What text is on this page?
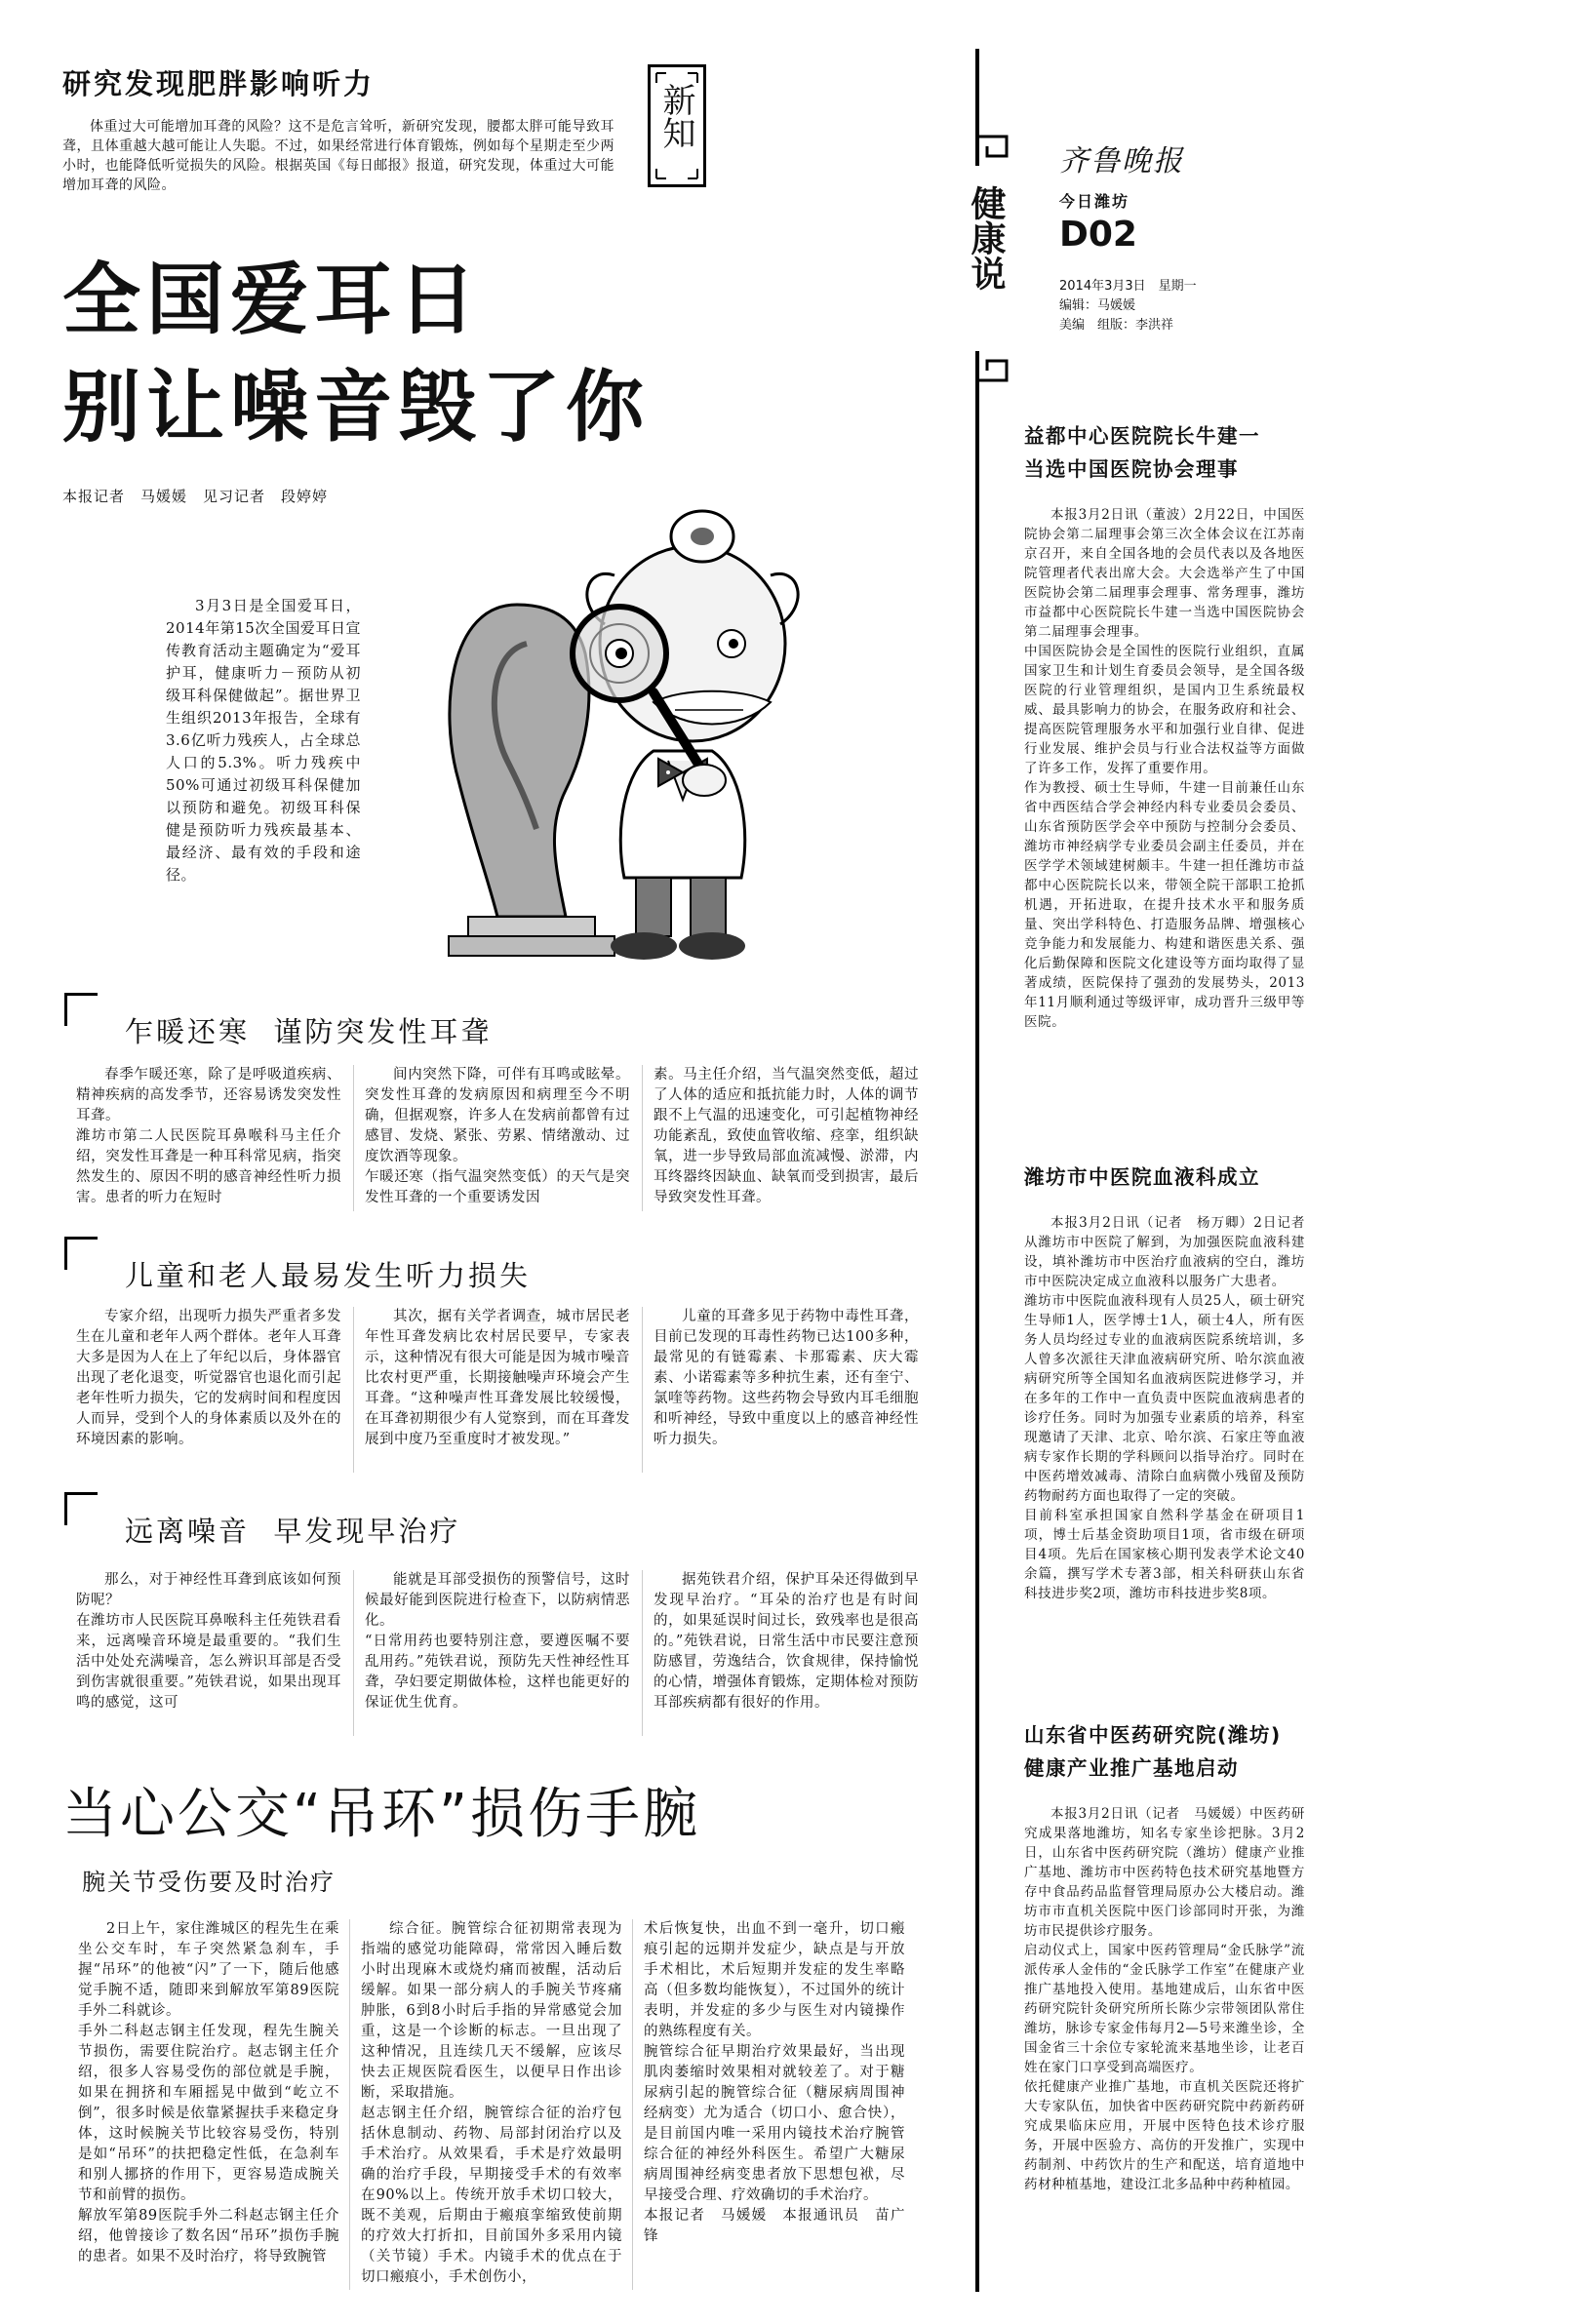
研究发现肥胖影响听力
体重过大可能增加耳聋的风险？这不是危言耸听，新研究发现，腰都太胖可能导致耳聋，且体重越大越可能让人失聪。不过，如果经常进行体育锻炼，例如每个星期走至少两小时，也能降低听觉损失的风险。根据英国《每日邮报》报道，研究发现，体重过大可能增加耳聋的风险。
新知
全国爱耳日
别让噪音毁了你
本报记者　马媛媛　见习记者　段婷婷
3月3日是全国爱耳日，2014年第15次全国爱耳日宣传教育活动主题确定为“爱耳护耳，健康听力－预防从初级耳科保健做起”。据世界卫生组织2013年报告，全球有3.6亿听力残疾人，占全球总人口的5.3%。听力残疾中50%可通过初级耳科保健加以预防和避免。初级耳科保健是预防听力残疾最基本、最经济、最有效的手段和途径。
乍暖还寒  谨防突发性耳聋
春季乍暖还寒，除了是呼吸道疾病、精神疾病的高发季节，还容易诱发突发性耳聋。
潍坊市第二人民医院耳鼻喉科马主任介绍，突发性耳聋是一种耳科常见病，指突然发生的、原因不明的感音神经性听力损害。患者的听力在短时
间内突然下降，可伴有耳鸣或眩晕。突发性耳聋的发病原因和病理至今不明确，但据观察，许多人在发病前都曾有过感冒、发烧、紧张、劳累、情绪激动、过度饮酒等现象。
乍暖还寒（指气温突然变低）的天气是突发性耳聋的一个重要诱发因
素。马主任介绍，当气温突然变低，超过了人体的适应和抵抗能力时，人体的调节跟不上气温的迅速变化，可引起植物神经功能紊乱，致使血管收缩、痉挛，组织缺氧，进一步导致局部血流减慢、淤滞，内耳终器终因缺血、缺氧而受到损害，最后导致突发性耳聋。
儿童和老人最易发生听力损失
专家介绍，出现听力损失严重者多发生在儿童和老年人两个群体。老年人耳聋大多是因为人在上了年纪以后，身体器官出现了老化退变，听觉器官也退化而引起老年性听力损失，它的发病时间和程度因人而异，受到个人的身体素质以及外在的环境因素的影响。
其次，据有关学者调查，城市居民老年性耳聋发病比农村居民要早，专家表示，这种情况有很大可能是因为城市噪音比农村更严重，长期接触噪声环境会产生耳聋。“这种噪声性耳聋发展比较缓慢，在耳聋初期很少有人觉察到，而在耳聋发展到中度乃至重度时才被发现。”
儿童的耳聋多见于药物中毒性耳聋，目前已发现的耳毒性药物已达100多种，最常见的有链霉素、卡那霉素、庆大霉素、小诺霉素等多种抗生素，还有奎宁、氯喹等药物。这些药物会导致内耳毛细胞和听神经，导致中重度以上的感音神经性听力损失。
远离噪音  早发现早治疗
那么，对于神经性耳聋到底该如何预防呢？
在潍坊市人民医院耳鼻喉科主任苑铁君看来，远离噪音环境是最重要的。“我们生活中处处充满噪音，怎么辨识耳部是否受到伤害就很重要。”苑铁君说，如果出现耳鸣的感觉，这可
能就是耳部受损伤的预警信号，这时候最好能到医院进行检查下，以防病情恶化。
“日常用药也要特别注意，要遵医嘱不要乱用药。”苑铁君说，预防先天性神经性耳聋，孕妇要定期做体检，这样也能更好的保证优生优育。
据苑铁君介绍，保护耳朵还得做到早发现早治疗。“耳朵的治疗也是有时间的，如果延误时间过长，致残率也是很高的。”苑铁君说，日常生活中市民要注意预防感冒，劳逸结合，饮食规律，保持愉悦的心情，增强体育锻炼，定期体检对预防耳部疾病都有很好的作用。
当心公交“吊环”损伤手腕
腕关节受伤要及时治疗
2日上午，家住潍城区的程先生在乘坐公交车时，车子突然紧急刹车，手握“吊环”的他被“闪”了一下，随后他感觉手腕不适，随即来到解放军第89医院手外二科就诊。
手外二科赵志钢主任发现，程先生腕关节损伤，需要住院治疗。赵志钢主任介绍，很多人容易受伤的部位就是手腕，如果在拥挤和车厢摇晃中做到“屹立不倒”，很多时候是依靠紧握扶手来稳定身体，这时候腕关节比较容易受伤，特别是如“吊环”的扶把稳定性低，在急刹车和别人挪挤的作用下，更容易造成腕关节和前臂的损伤。
解放军第89医院手外二科赵志钢主任介绍，他曾接诊了数名因“吊环”损伤手腕的患者。如果不及时治疗，将导致腕管
综合征。腕管综合征初期常表现为指端的感觉功能障碍，常常因入睡后数小时出现麻木或烧灼痛而被醒，活动后缓解。如果一部分病人的手腕关节疼痛肿胀，6到8小时后手指的异常感觉会加重，这是一个诊断的标志。一旦出现了这种情况，且连续几天不缓解，应该尽快去正规医院看医生，以便早日作出诊断，采取措施。
赵志钢主任介绍，腕管综合征的治疗包括休息制动、药物、局部封闭治疗以及手术治疗。从效果看，手术是疗效最明确的治疗手段，早期接受手术的有效率在90%以上。传统开放手术切口较大，既不美观，后期由于瘢痕挛缩致使前期的疗效大打折扣，目前国外多采用内镜（关节镜）手术。内镜手术的优点在于切口瘢痕小，手术创伤小，
术后恢复快，出血不到一毫升，切口瘢痕引起的远期并发症少，缺点是与开放手术相比，术后短期并发症的发生率略高（但多数均能恢复），不过国外的统计表明，并发症的多少与医生对内镜操作的熟练程度有关。
腕管综合征早期治疗效果最好，当出现肌肉萎缩时效果相对就较差了。对于糖尿病引起的腕管综合征（糖尿病周围神经病变）尤为适合（切口小、愈合快），是目前国内唯一采用内镜技术治疗腕管综合征的神经外科医生。希望广大糖尿病周围神经病变患者放下思想包袱，尽早接受合理、疗效确切的手术治疗。
本报记者　马媛媛　本报通讯员　苗广锋
健康说
齐鲁晚报
今日潍坊
D02
2014年3月3日　星期一
编辑：马媛媛
美编　组版：李洪祥
益都中心医院院长牛建一
当选中国医院协会理事
本报3月2日讯（董波）2月22日，中国医院协会第二届理事会第三次全体会议在江苏南京召开，来自全国各地的会员代表以及各地医院管理者代表出席大会。大会选举产生了中国医院协会第二届理事会理事、常务理事，潍坊市益都中心医院院长牛建一当选中国医院协会第二届理事会理事。
中国医院协会是全国性的医院行业组织，直属国家卫生和计划生育委员会领导，是全国各级医院的行业管理组织，是国内卫生系统最权威、最具影响力的协会，在服务政府和社会、提高医院管理服务水平和加强行业自律、促进行业发展、维护会员与行业合法权益等方面做了许多工作，发挥了重要作用。
作为教授、硕士生导师，牛建一目前兼任山东省中西医结合学会神经内科专业委员会委员、山东省预防医学会卒中预防与控制分会委员、潍坊市神经病学专业委员会副主任委员，并在医学学术领域建树颇丰。牛建一担任潍坊市益都中心医院院长以来，带领全院干部职工抢抓机遇，开拓进取，在提升技术水平和服务质量、突出学科特色、打造服务品牌、增强核心竞争能力和发展能力、构建和谐医患关系、强化后勤保障和医院文化建设等方面均取得了显著成绩，医院保持了强劲的发展势头，2013年11月顺利通过等级评审，成功晋升三级甲等医院。
潍坊市中医院血液科成立
本报3月2日讯（记者　杨万卿）2日记者从潍坊市中医院了解到，为加强医院血液科建设，填补潍坊市中医治疗血液病的空白，潍坊市中医院决定成立血液科以服务广大患者。
潍坊市中医院血液科现有人员25人，硕士研究生导师1人，医学博士1人，硕士4人，所有医务人员均经过专业的血液病医院系统培训，多人曾多次派往天津血液病研究所、哈尔滨血液病研究所等全国知名血液病医院进修学习，并在多年的工作中一直负责中医院血液病患者的诊疗任务。同时为加强专业素质的培养，科室现邀请了天津、北京、哈尔滨、石家庄等血液病专家作长期的学科顾问以指导治疗。同时在中医药增效减毒、清除白血病微小残留及预防药物耐药方面也取得了一定的突破。
目前科室承担国家自然科学基金在研项目1项，博士后基金资助项目1项，省市级在研项目4项。先后在国家核心期刊发表学术论文40余篇，撰写学术专著3部，相关科研获山东省科技进步奖2项，潍坊市科技进步奖8项。
山东省中医药研究院(潍坊)
健康产业推广基地启动
本报3月2日讯（记者　马媛媛）中医药研究成果落地潍坊，知名专家坐诊把脉。3月2日，山东省中医药研究院（潍坊）健康产业推广基地、潍坊市中医药特色技术研究基地暨方存中食品药品监督管理局原办公大楼启动。潍坊市市直机关医院中医门诊部同时开张，为潍坊市民提供诊疗服务。
启动仪式上，国家中医药管理局“金氏脉学”流派传承人金伟的“金氏脉学工作室”在健康产业推广基地投入使用。基地建成后，山东省中医药研究院针灸研究所所长陈少宗带领团队常住潍坊，脉诊专家金伟每月2—5号来潍坐诊，全国金省三十余位专家轮流来基地坐诊，让老百姓在家门口享受到高端医疗。
依托健康产业推广基地，市直机关医院还将扩大专家队伍，加快省中医药研究院中药新药研究成果临床应用，开展中医特色技术诊疗服务，开展中医验方、高仿的开发推广，实现中药制剂、中药饮片的生产和配送，培育道地中药材种植基地，建设江北多品种中药种植园。
